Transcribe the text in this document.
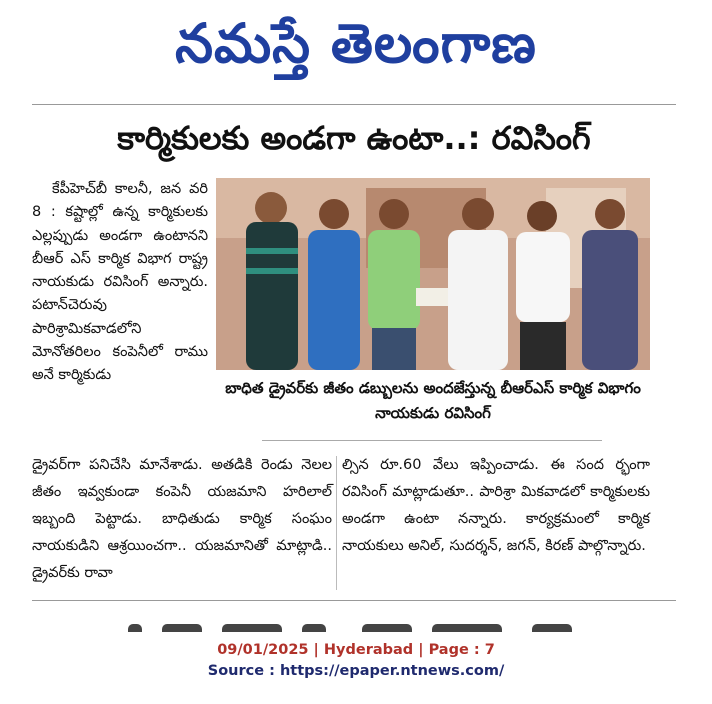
నమస్తే తెలంగాణ
కార్మికులకు అండగా ఉంటా..: రవిసింగ్

కేపీహెచ్‌బీ కాలనీ, జన వరి 8 : కష్టాల్లో ఉన్న కార్మికులకు ఎల్లప్పుడు అండగా ఉంటానని బీఆర్‌ ఎస్‌ కార్మిక విభాగ రాష్ట్ర నాయకుడు రవిసింగ్‌ అన్నారు. పటాన్‌చెరువు పారిశ్రామికవాడలోని మోనోతరిలం కంపెనీలో రాము అనే కార్మికుడు

బాధిత డ్రైవర్‌కు జీతం డబ్బులను అందజేస్తున్న బీఆర్‌ఎస్‌ కార్మిక విభాగం నాయకుడు రవిసింగ్‌

డ్రైవర్‌గా పనిచేసి మానేశాడు. అతడికి రెండు నెలల జీతం ఇవ్వకుండా కంపెనీ యజమాని హరిలాల్‌ ఇబ్బంది పెట్టాడు. బాధితుడు కార్మిక సంఘం నాయకుడిని ఆశ్రయించగా.. యజమానితో మాట్లాడి.. డ్రైవర్‌కు రావా

ల్సిన రూ.60 వేలు ఇప్పించాడు. ఈ సంద ర్భంగా రవిసింగ్‌ మాట్లాడుతూ.. పారిశ్రా మికవాడలో కార్మికులకు అండగా ఉంటా నన్నారు. కార్యక్రమంలో కార్మిక నాయకులు అనిల్‌, సుదర్శన్‌, జగన్‌, కిరణ్‌ పాల్గొన్నారు.

09/01/2025 | Hyderabad | Page : 7
Source : https://epaper.ntnews.com/
